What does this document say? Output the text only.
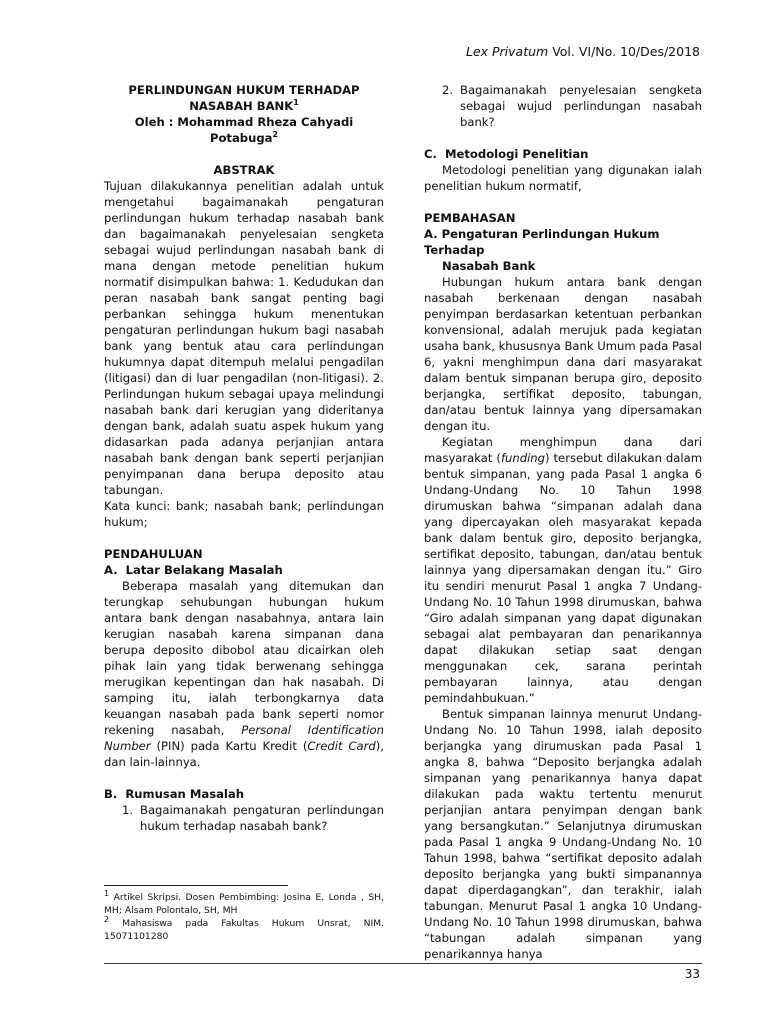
Lex Privatum Vol. VI/No. 10/Des/2018
PERLINDUNGAN HUKUM TERHADAP
NASABAH BANK$^1$
Oleh : Mohammad Rheza Cahyadi Potabuga$^2$
ABSTRAK

Tujuan dilakukannya penelitian adalah untuk mengetahui bagaimanakah pengaturan perlindungan hukum terhadap nasabah bank dan bagaimanakah penyelesaian sengketa sebagai wujud perlindungan nasabah bank di mana dengan metode penelitian hukum normatif disimpulkan bahwa: 1. Kedudukan dan peran nasabah bank sangat penting bagi perbankan sehingga hukum menentukan pengaturan perlindungan hukum bagi nasabah bank yang bentuk atau cara perlindungan hukumnya dapat ditempuh melalui pengadilan (litigasi) dan di luar pengadilan (non-litigasi). 2. Perlindungan hukum sebagai upaya melindungi nasabah bank dari kerugian yang dideritanya dengan bank, adalah suatu aspek hukum yang didasarkan pada adanya perjanjian antara nasabah bank dengan bank seperti perjanjian penyimpanan dana berupa deposito atau tabungan.

Kata kunci: bank; nasabah bank; perlindungan hukum;

PENDAHULUAN
A.  Latar Belakang Masalah

Beberapa masalah yang ditemukan dan terungkap sehubungan hubungan hukum antara bank dengan nasabahnya, antara lain kerugian nasabah karena simpanan dana berupa deposito dibobol atau dicairkan oleh pihak lain yang tidak berwenang sehingga merugikan kepentingan dan hak nasabah. Di samping itu, ialah terbongkarnya data keuangan nasabah pada bank seperti nomor rekening nasabah, Personal Identification Number (PIN) pada Kartu Kredit (Credit Card), dan lain-lainnya.

B.  Rumusan Masalah
1. Bagaimanakah pengaturan perlindungan hukum terhadap nasabah bank?
$^1$ Artikel Skripsi. Dosen Pembimbing: Josina E. Londa , SH, MH; Alsam Polontalo, SH, MH
$^2$ Mahasiswa pada Fakultas Hukum Unsrat, NIM. 15071101280
2. Bagaimanakah penyelesaian sengketa sebagai wujud perlindungan nasabah bank?
C.  Metodologi Penelitian

Metodologi penelitian yang digunakan ialah penelitian hukum normatif,

PEMBAHASAN
A. Pengaturan Perlindungan Hukum Terhadap
Nasabah Bank

Hubungan hukum antara bank dengan nasabah berkenaan dengan nasabah penyimpan berdasarkan ketentuan perbankan konvensional, adalah merujuk pada kegiatan usaha bank, khususnya Bank Umum pada Pasal 6, yakni menghimpun dana dari masyarakat dalam bentuk simpanan berupa giro, deposito berjangka, sertifikat deposito, tabungan, dan/atau bentuk lainnya yang dipersamakan dengan itu.

Kegiatan menghimpun dana dari masyarakat (funding) tersebut dilakukan dalam bentuk simpanan, yang pada Pasal 1 angka 6 Undang-Undang No. 10 Tahun 1998 dirumuskan bahwa “simpanan adalah dana yang dipercayakan oleh masyarakat kepada bank dalam bentuk giro, deposito berjangka, sertifikat deposito, tabungan, dan/atau bentuk lainnya yang dipersamakan dengan itu.” Giro itu sendiri menurut Pasal 1 angka 7 Undang-Undang No. 10 Tahun 1998 dirumuskan, bahwa “Giro adalah simpanan yang dapat digunakan sebagai alat pembayaran dan penarikannya dapat dilakukan setiap saat dengan menggunakan cek, sarana perintah pembayaran lainnya, atau dengan pemindahbukuan.”

Bentuk simpanan lainnya menurut Undang-Undang No. 10 Tahun 1998, ialah deposito berjangka yang dirumuskan pada Pasal 1 angka 8, bahwa “Deposito berjangka adalah simpanan yang penarikannya hanya dapat dilakukan pada waktu tertentu menurut perjanjian antara penyimpan dengan bank yang bersangkutan.” Selanjutnya dirumuskan pada Pasal 1 angka 9 Undang-Undang No. 10 Tahun 1998, bahwa “sertifikat deposito adalah deposito berjangka yang bukti simpanannya dapat diperdagangkan”, dan terakhir, ialah tabungan. Menurut Pasal 1 angka 10 Undang-Undang No. 10 Tahun 1998 dirumuskan, bahwa “tabungan adalah simpanan yang penarikannya hanya

33
